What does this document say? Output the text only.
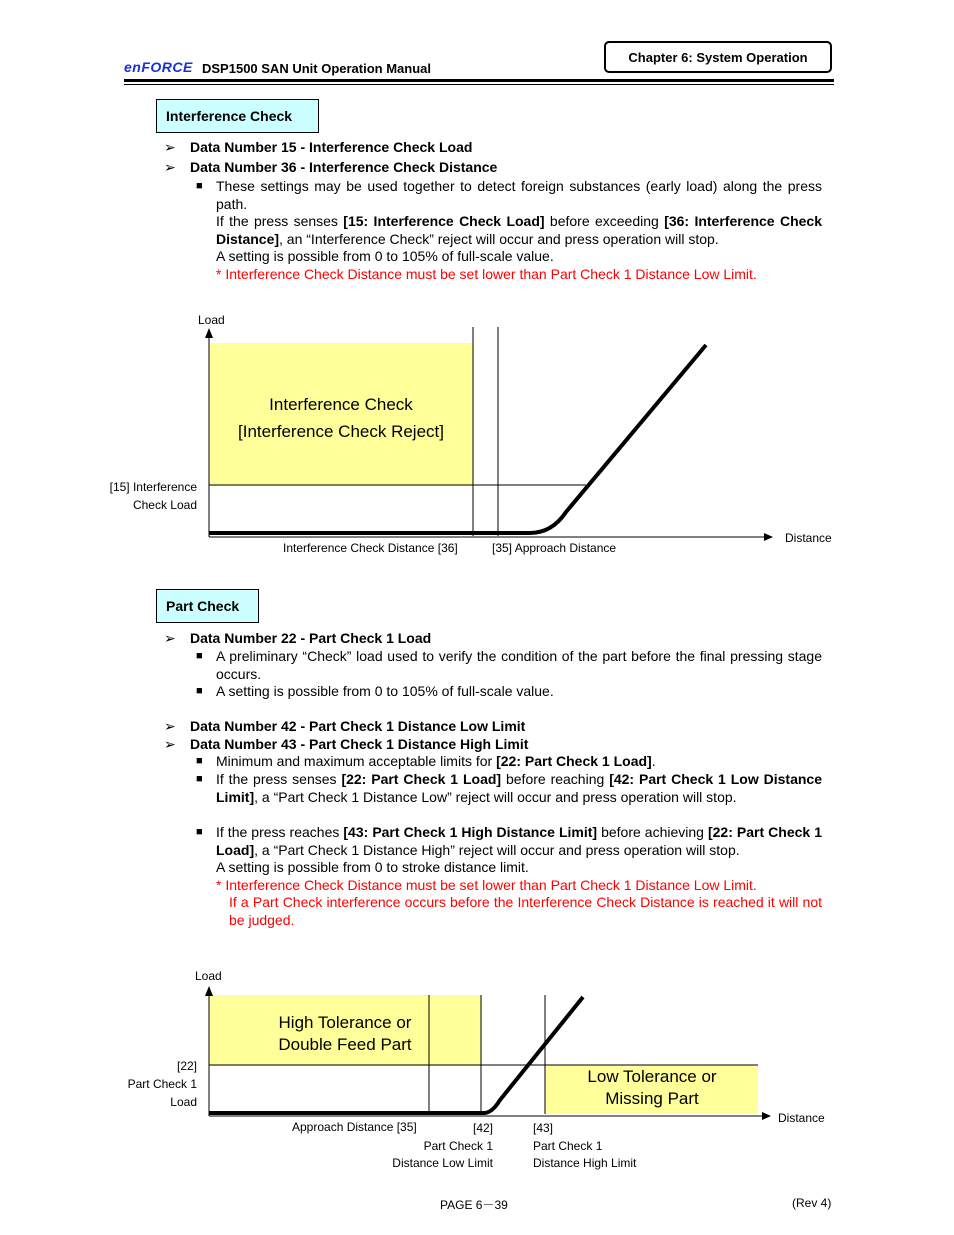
enFORCE DSP1500 SAN Unit Operation Manual
Chapter 6: System Operation
Interference Check
➢ Data Number 15 - Interference Check Load
➢ Data Number 36 - Interference Check Distance
■ These settings may be used together to detect foreign substances (early load) along the press path.
If the press senses [15: Interference Check Load] before exceeding [36: Interference Check Distance], an “Interference Check” reject will occur and press operation will stop.
A setting is possible from 0 to 105% of full-scale value.
* Interference Check Distance must be set lower than Part Check 1 Distance Low Limit.
Load
Interference Check
[Interference Check Reject]
[15] Interference
Check Load
Distance
Interference Check Distance [36]	[35] Approach Distance
Part Check
➢ Data Number 22 - Part Check 1 Load
■ A preliminary “Check” load used to verify the condition of the part before the final pressing stage occurs.
■ A setting is possible from 0 to 105% of full-scale value.
➢ Data Number 42 - Part Check 1 Distance Low Limit
➢ Data Number 43 - Part Check 1 Distance High Limit
■ Minimum and maximum acceptable limits for [22: Part Check 1 Load].
■ If the press senses [22: Part Check 1 Load] before reaching [42: Part Check 1 Low Distance Limit], a “Part Check 1 Distance Low” reject will occur and press operation will stop.
■ If the press reaches [43: Part Check 1 High Distance Limit] before achieving [22: Part Check 1 Load], a “Part Check 1 Distance High” reject will occur and press operation will stop.
A setting is possible from 0 to stroke distance limit.
* Interference Check Distance must be set lower than Part Check 1 Distance Low Limit.
If a Part Check interference occurs before the Interference Check Distance is reached it will not be judged.
Load
High Tolerance or
Double Feed Part
Low Tolerance or
Missing Part
[22]
Part Check 1
Load
Distance
Approach Distance [35]	[42]
Part Check 1
Distance Low Limit
[43]
Part Check 1
Distance High Limit
PAGE 6－39	(Rev 4)
